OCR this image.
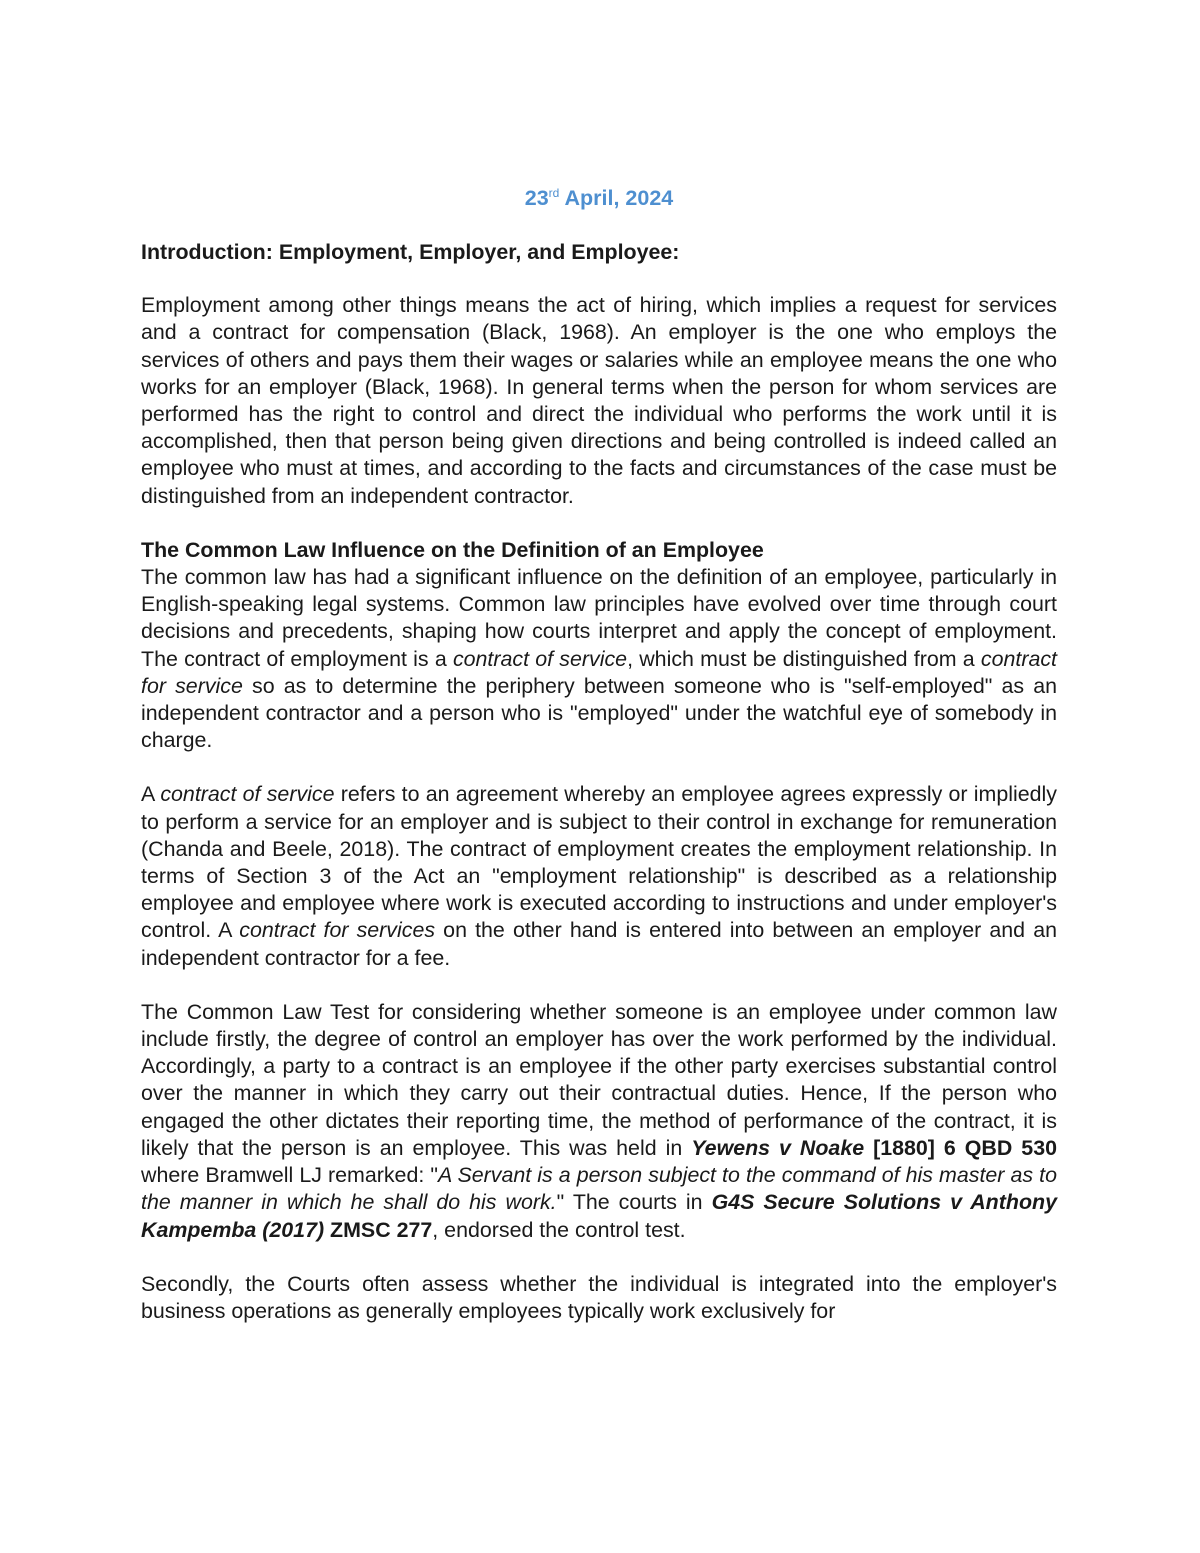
23rd April, 2024
Introduction: Employment, Employer, and Employee:

Employment among other things means the act of hiring, which implies a request for services and a contract for compensation (Black, 1968). An employer is the one who employs the services of others and pays them their wages or salaries while an employee means the one who works for an employer (Black, 1968). In general terms when the person for whom services are performed has the right to control and direct the individual who performs the work until it is accomplished, then that person being given directions and being controlled is indeed called an employee who must at times, and according to the facts and circumstances of the case must be distinguished from an independent contractor.

The Common Law Influence on the Definition of an Employee

The common law has had a significant influence on the definition of an employee, particularly in English-speaking legal systems. Common law principles have evolved over time through court decisions and precedents, shaping how courts interpret and apply the concept of employment. The contract of employment is a contract of service, which must be distinguished from a contract for service so as to determine the periphery between someone who is "self-employed" as an independent contractor and a person who is "employed" under the watchful eye of somebody in charge.

A contract of service refers to an agreement whereby an employee agrees expressly or impliedly to perform a service for an employer and is subject to their control in exchange for remuneration (Chanda and Beele, 2018). The contract of employment creates the employment relationship. In terms of Section 3 of the Act an "employment relationship" is described as a relationship employee and employee where work is executed according to instructions and under employer's control. A contract for services on the other hand is entered into between an employer and an independent contractor for a fee.

The Common Law Test for considering whether someone is an employee under common law include firstly, the degree of control an employer has over the work performed by the individual. Accordingly, a party to a contract is an employee if the other party exercises substantial control over the manner in which they carry out their contractual duties. Hence, If the person who engaged the other dictates their reporting time, the method of performance of the contract, it is likely that the person is an employee. This was held in Yewens v Noake [1880] 6 QBD 530 where Bramwell LJ remarked: "A Servant is a person subject to the command of his master as to the manner in which he shall do his work." The courts in G4S Secure Solutions v Anthony Kampemba (2017) ZMSC 277, endorsed the control test.

Secondly, the Courts often assess whether the individual is integrated into the employer's business operations as generally employees typically work exclusively for
